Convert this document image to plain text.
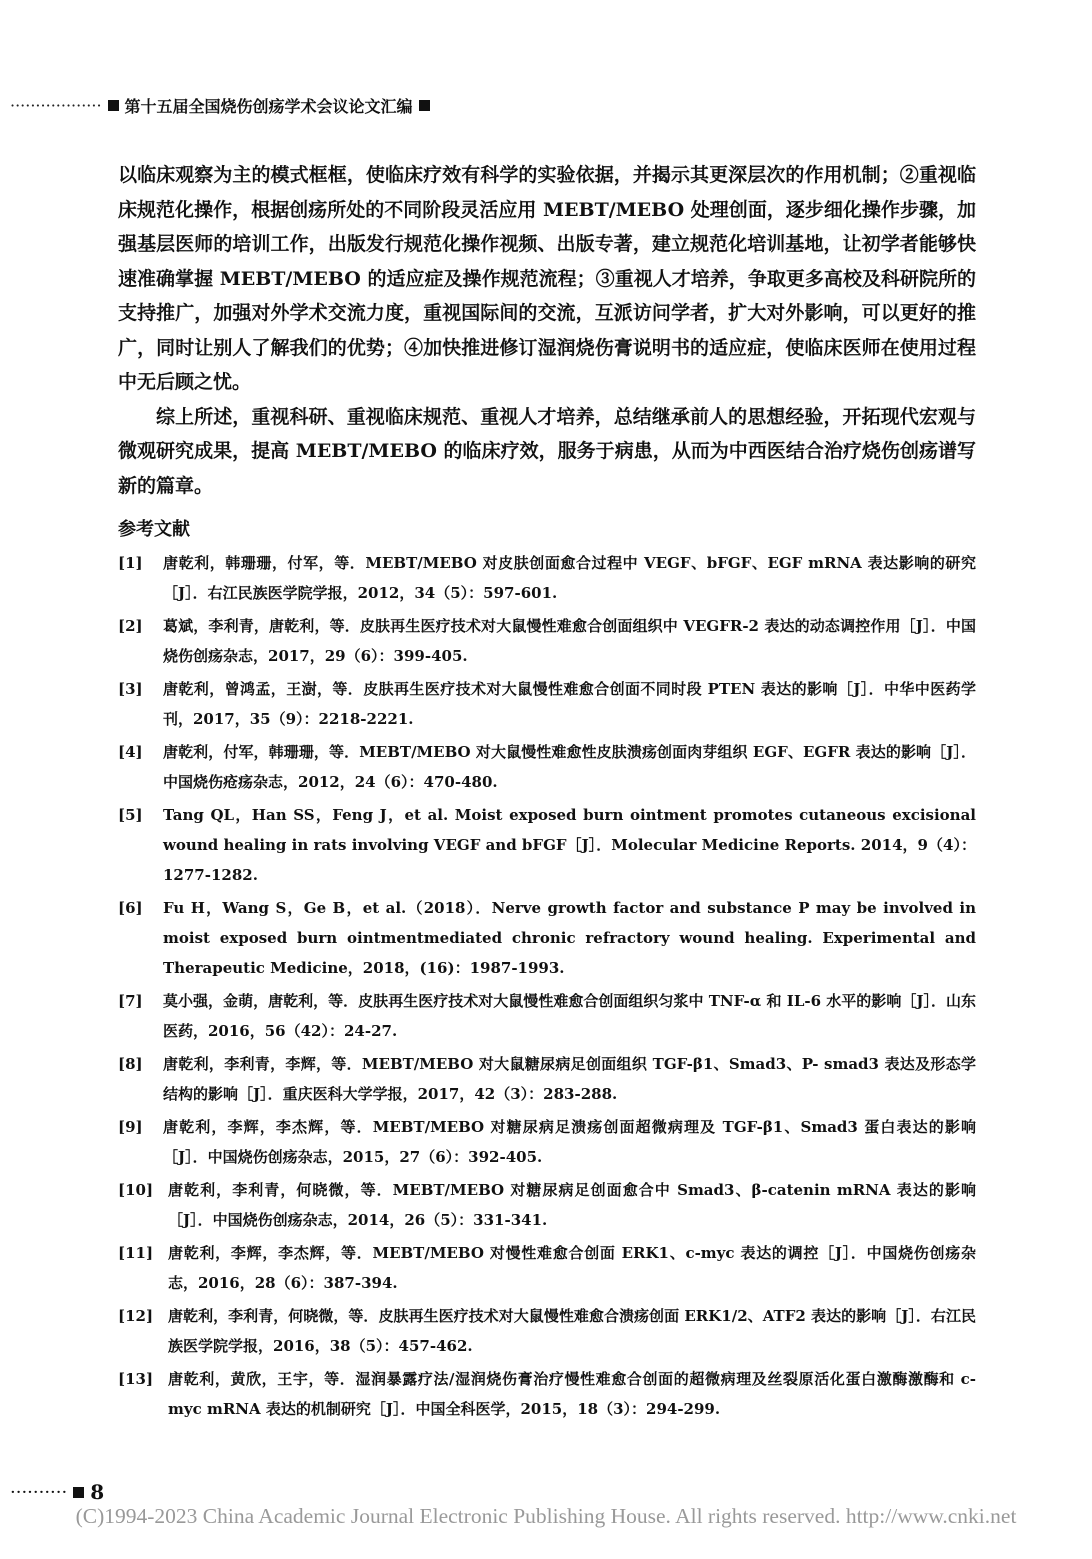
·················· 第十五届全国烧伤创疡学术会议论文汇编

以临床观察为主的模式框框，使临床疗效有科学的实验依据，并揭示其更深层次的作用机制；②重视临床规范化操作，根据创疡所处的不同阶段灵活应用 MEBT/MEBO 处理创面，逐步细化操作步骤，加强基层医师的培训工作，出版发行规范化操作视频、出版专著，建立规范化培训基地，让初学者能够快速准确掌握 MEBT/MEBO 的适应症及操作规范流程；③重视人才培养，争取更多高校及科研院所的支持推广，加强对外学术交流力度，重视国际间的交流，互派访问学者，扩大对外影响，可以更好的推广，同时让别人了解我们的优势；④加快推进修订湿润烧伤膏说明书的适应症，使临床医师在使用过程中无后顾之忧。

综上所述，重视科研、重视临床规范、重视人才培养，总结继承前人的思想经验，开拓现代宏观与微观研究成果，提高 MEBT/MEBO 的临床疗效，服务于病患，从而为中西医结合治疗烧伤创疡谱写新的篇章。

参考文献
[1]	唐乾利，韩珊珊，付军，等．MEBT/MEBO 对皮肤创面愈合过程中 VEGF、bFGF、EGF mRNA 表达影响的研究［J］．右江民族医学院学报，2012，34（5）：597-601.
[2]	葛斌，李利青，唐乾利，等．皮肤再生医疗技术对大鼠慢性难愈合创面组织中 VEGFR-2 表达的动态调控作用［J］．中国烧伤创疡杂志，2017，29（6）：399-405.
[3]	唐乾利，曾鸿孟，王澍，等．皮肤再生医疗技术对大鼠慢性难愈合创面不同时段 PTEN 表达的影响［J］．中华中医药学刊，2017，35（9）：2218-2221.
[4]	唐乾利，付军，韩珊珊，等．MEBT/MEBO 对大鼠慢性难愈性皮肤溃疡创面肉芽组织 EGF、EGFR 表达的影响［J］．中国烧伤疮疡杂志，2012，24（6）：470-480.
[5]	Tang QL，Han SS，Feng J，et al. Moist exposed burn ointment promotes cutaneous excisional wound healing in rats involving VEGF and bFGF［J］．Molecular Medicine Reports. 2014，9（4）：1277-1282.
[6]	Fu H，Wang S，Ge B，et al.（2018）．Nerve growth factor and substance P may be involved in moist exposed burn ointmentmediated chronic refractory wound healing. Experimental and Therapeutic Medicine，2018，(16)：1987-1993.
[7]	莫小强，金萌，唐乾利，等．皮肤再生医疗技术对大鼠慢性难愈合创面组织匀浆中 TNF-α 和 IL-6 水平的影响［J］．山东医药，2016，56（42）：24-27.
[8]	唐乾利，李利青，李辉，等．MEBT/MEBO 对大鼠糖尿病足创面组织 TGF-β1、Smad3、P- smad3 表达及形态学结构的影响［J］．重庆医科大学学报，2017，42（3）：283-288.
[9]	唐乾利，李辉，李杰辉，等．MEBT/MEBO 对糖尿病足溃疡创面超微病理及 TGF-β1、Smad3 蛋白表达的影响［J］．中国烧伤创疡杂志，2015，27（6）：392-405.
[10] 唐乾利，李利青，何晓微，等．MEBT/MEBO 对糖尿病足创面愈合中 Smad3、β-catenin mRNA 表达的影响［J］．中国烧伤创疡杂志，2014，26（5）：331-341.
[11] 唐乾利，李辉，李杰辉，等．MEBT/MEBO 对慢性难愈合创面 ERK1、c-myc 表达的调控［J］．中国烧伤创疡杂志，2016，28（6）：387-394.
[12] 唐乾利，李利青，何晓微，等．皮肤再生医疗技术对大鼠慢性难愈合溃疡创面 ERK1/2、ATF2 表达的影响［J］．右江民族医学院学报，2016，38（5）：457-462.
[13] 唐乾利，黄欣，王宇，等．湿润暴露疗法/湿润烧伤膏治疗慢性难愈合创面的超微病理及丝裂原活化蛋白激酶激酶和 c-myc mRNA 表达的机制研究［J］．中国全科医学，2015，18（3）：294-299.
·········· 8
(C)1994-2023 China Academic Journal Electronic Publishing House. All rights reserved. http://www.cnki.net
